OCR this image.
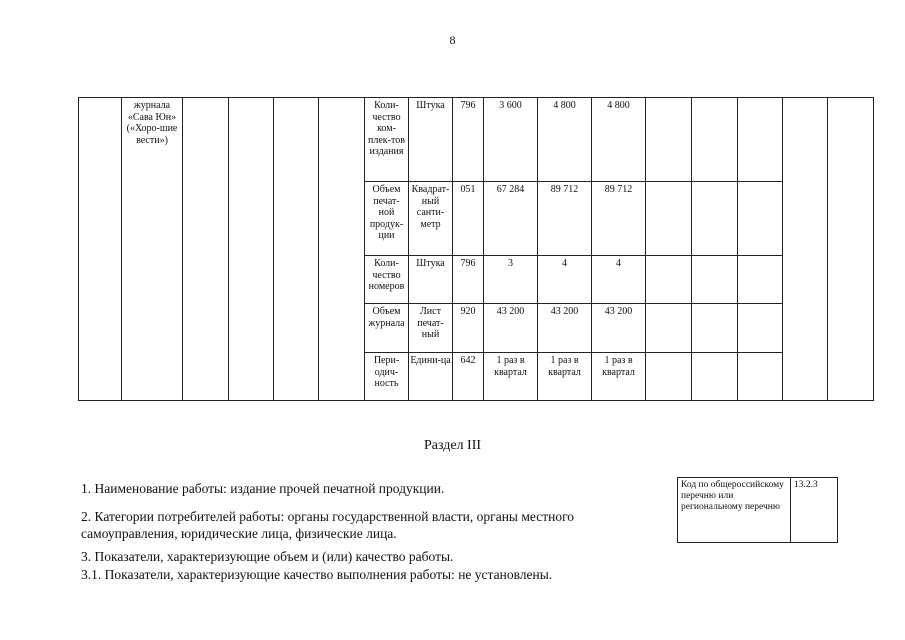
8
	журнала «Сава Юн» («Хоро-шие вести»)					Коли-чество ком-плек-тов издания	Штука	796	3 600	4 800	4 800					
						Объем печат-ной продук-ции	Квадрат-ный санти-метр	051	67 284	89 712	89 712					
						Коли-чество номеров	Штука	796	3	4	4					
						Объем журнала	Лист печат-ный	920	43 200	43 200	43 200					
						Пери-одич-ность	Едини-ца	642	1 раз в квартал	1 раз в квартал	1 раз в квартал					
Раздел III
1. Наименование работы: издание прочей печатной продукции.
2. Категории потребителей работы: органы государственной власти, органы местного самоуправления, юридические лица, физические лица.
3. Показатели, характеризующие объем и (или) качество работы.
3.1. Показатели, характеризующие качество выполнения работы: не установлены.
Код по общероссийскому перечню или региональному перечню	13.2.3
